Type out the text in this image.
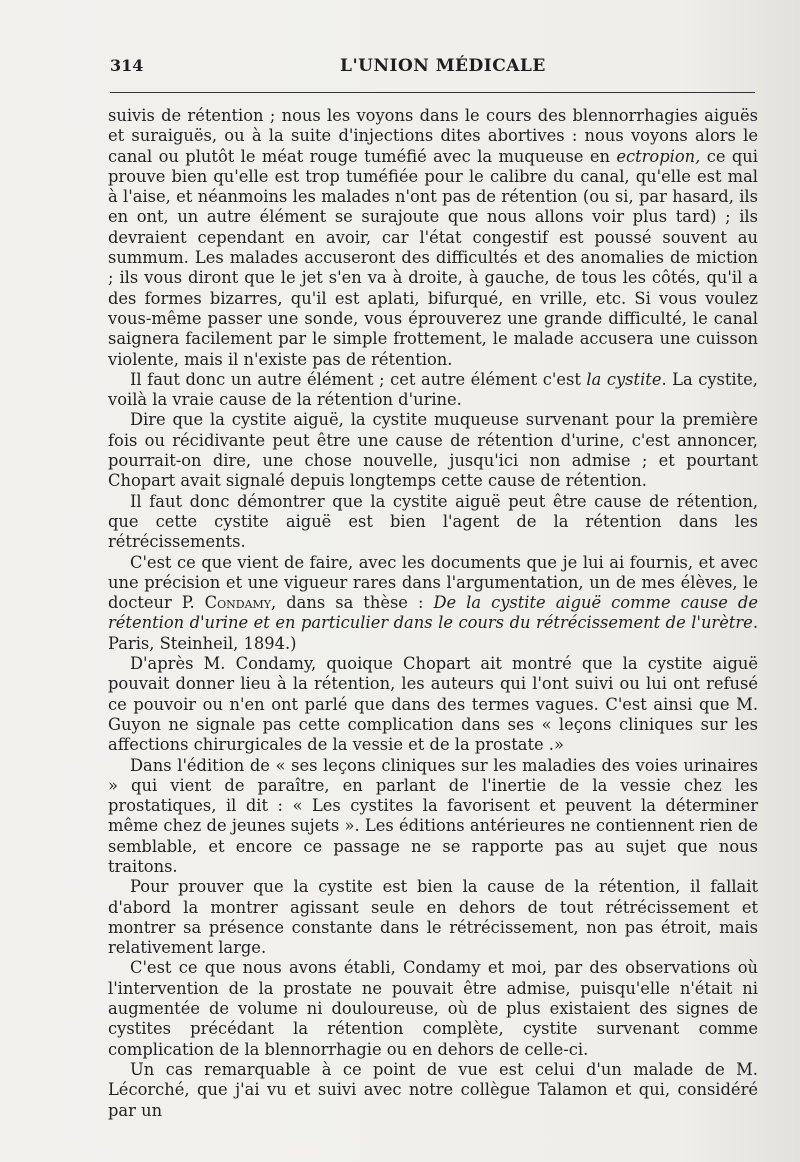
314	L'UNION MÉDICALE

suivis de rétention ; nous les voyons dans le cours des blennorrhagies aiguës et suraiguës, ou à la suite d'injections dites abortives : nous voyons alors le canal ou plutôt le méat rouge tuméfié avec la muqueuse en ectropion, ce qui prouve bien qu'elle est trop tuméfiée pour le calibre du canal, qu'elle est mal à l'aise, et néanmoins les malades n'ont pas de rétention (ou si, par hasard, ils en ont, un autre élément se surajoute que nous allons voir plus tard) ; ils devraient cependant en avoir, car l'état congestif est poussé souvent au summum. Les malades accuseront des difficultés et des anomalies de miction ; ils vous diront que le jet s'en va à droite, à gauche, de tous les côtés, qu'il a des formes bizarres, qu'il est aplati, bifurqué, en vrille, etc. Si vous voulez vous-même passer une sonde, vous éprouverez une grande difficulté, le canal saignera facilement par le simple frottement, le malade accusera une cuisson violente, mais il n'existe pas de rétention.

Il faut donc un autre élément ; cet autre élément c'est la cystite. La cystite, voilà la vraie cause de la rétention d'urine.

Dire que la cystite aiguë, la cystite muqueuse survenant pour la première fois ou récidivante peut être une cause de rétention d'urine, c'est annoncer, pourrait-on dire, une chose nouvelle, jusqu'ici non admise ; et pourtant Chopart avait signalé depuis longtemps cette cause de rétention.

Il faut donc démontrer que la cystite aiguë peut être cause de rétention, que cette cystite aiguë est bien l'agent de la rétention dans les rétrécissements.

C'est ce que vient de faire, avec les documents que je lui ai fournis, et avec une précision et une vigueur rares dans l'argumentation, un de mes élèves, le docteur P. Condamy, dans sa thèse : De la cystite aiguë comme cause de rétention d'urine et en particulier dans le cours du rétrécissement de l'urètre. Paris, Steinheil, 1894.)

D'après M. Condamy, quoique Chopart ait montré que la cystite aiguë pouvait donner lieu à la rétention, les auteurs qui l'ont suivi ou lui ont refusé ce pouvoir ou n'en ont parlé que dans des termes vagues. C'est ainsi que M. Guyon ne signale pas cette complication dans ses « leçons cliniques sur les affections chirurgicales de la vessie et de la prostate .»

Dans l'édition de « ses leçons cliniques sur les maladies des voies urinaires » qui vient de paraître, en parlant de l'inertie de la vessie chez les prostatiques, il dit : « Les cystites la favorisent et peuvent la déterminer même chez de jeunes sujets ». Les éditions antérieures ne contiennent rien de semblable, et encore ce passage ne se rapporte pas au sujet que nous traitons.

Pour prouver que la cystite est bien la cause de la rétention, il fallait d'abord la montrer agissant seule en dehors de tout rétrécissement et montrer sa présence constante dans le rétrécissement, non pas étroit, mais relativement large.

C'est ce que nous avons établi, Condamy et moi, par des observations où l'intervention de la prostate ne pouvait être admise, puisqu'elle n'était ni augmentée de volume ni douloureuse, où de plus existaient des signes de cystites précédant la rétention complète, cystite survenant comme complication de la blennorrhagie ou en dehors de celle-ci.

Un cas remarquable à ce point de vue est celui d'un malade de M. Lécorché, que j'ai vu et suivi avec notre collègue Talamon et qui, considéré par un
